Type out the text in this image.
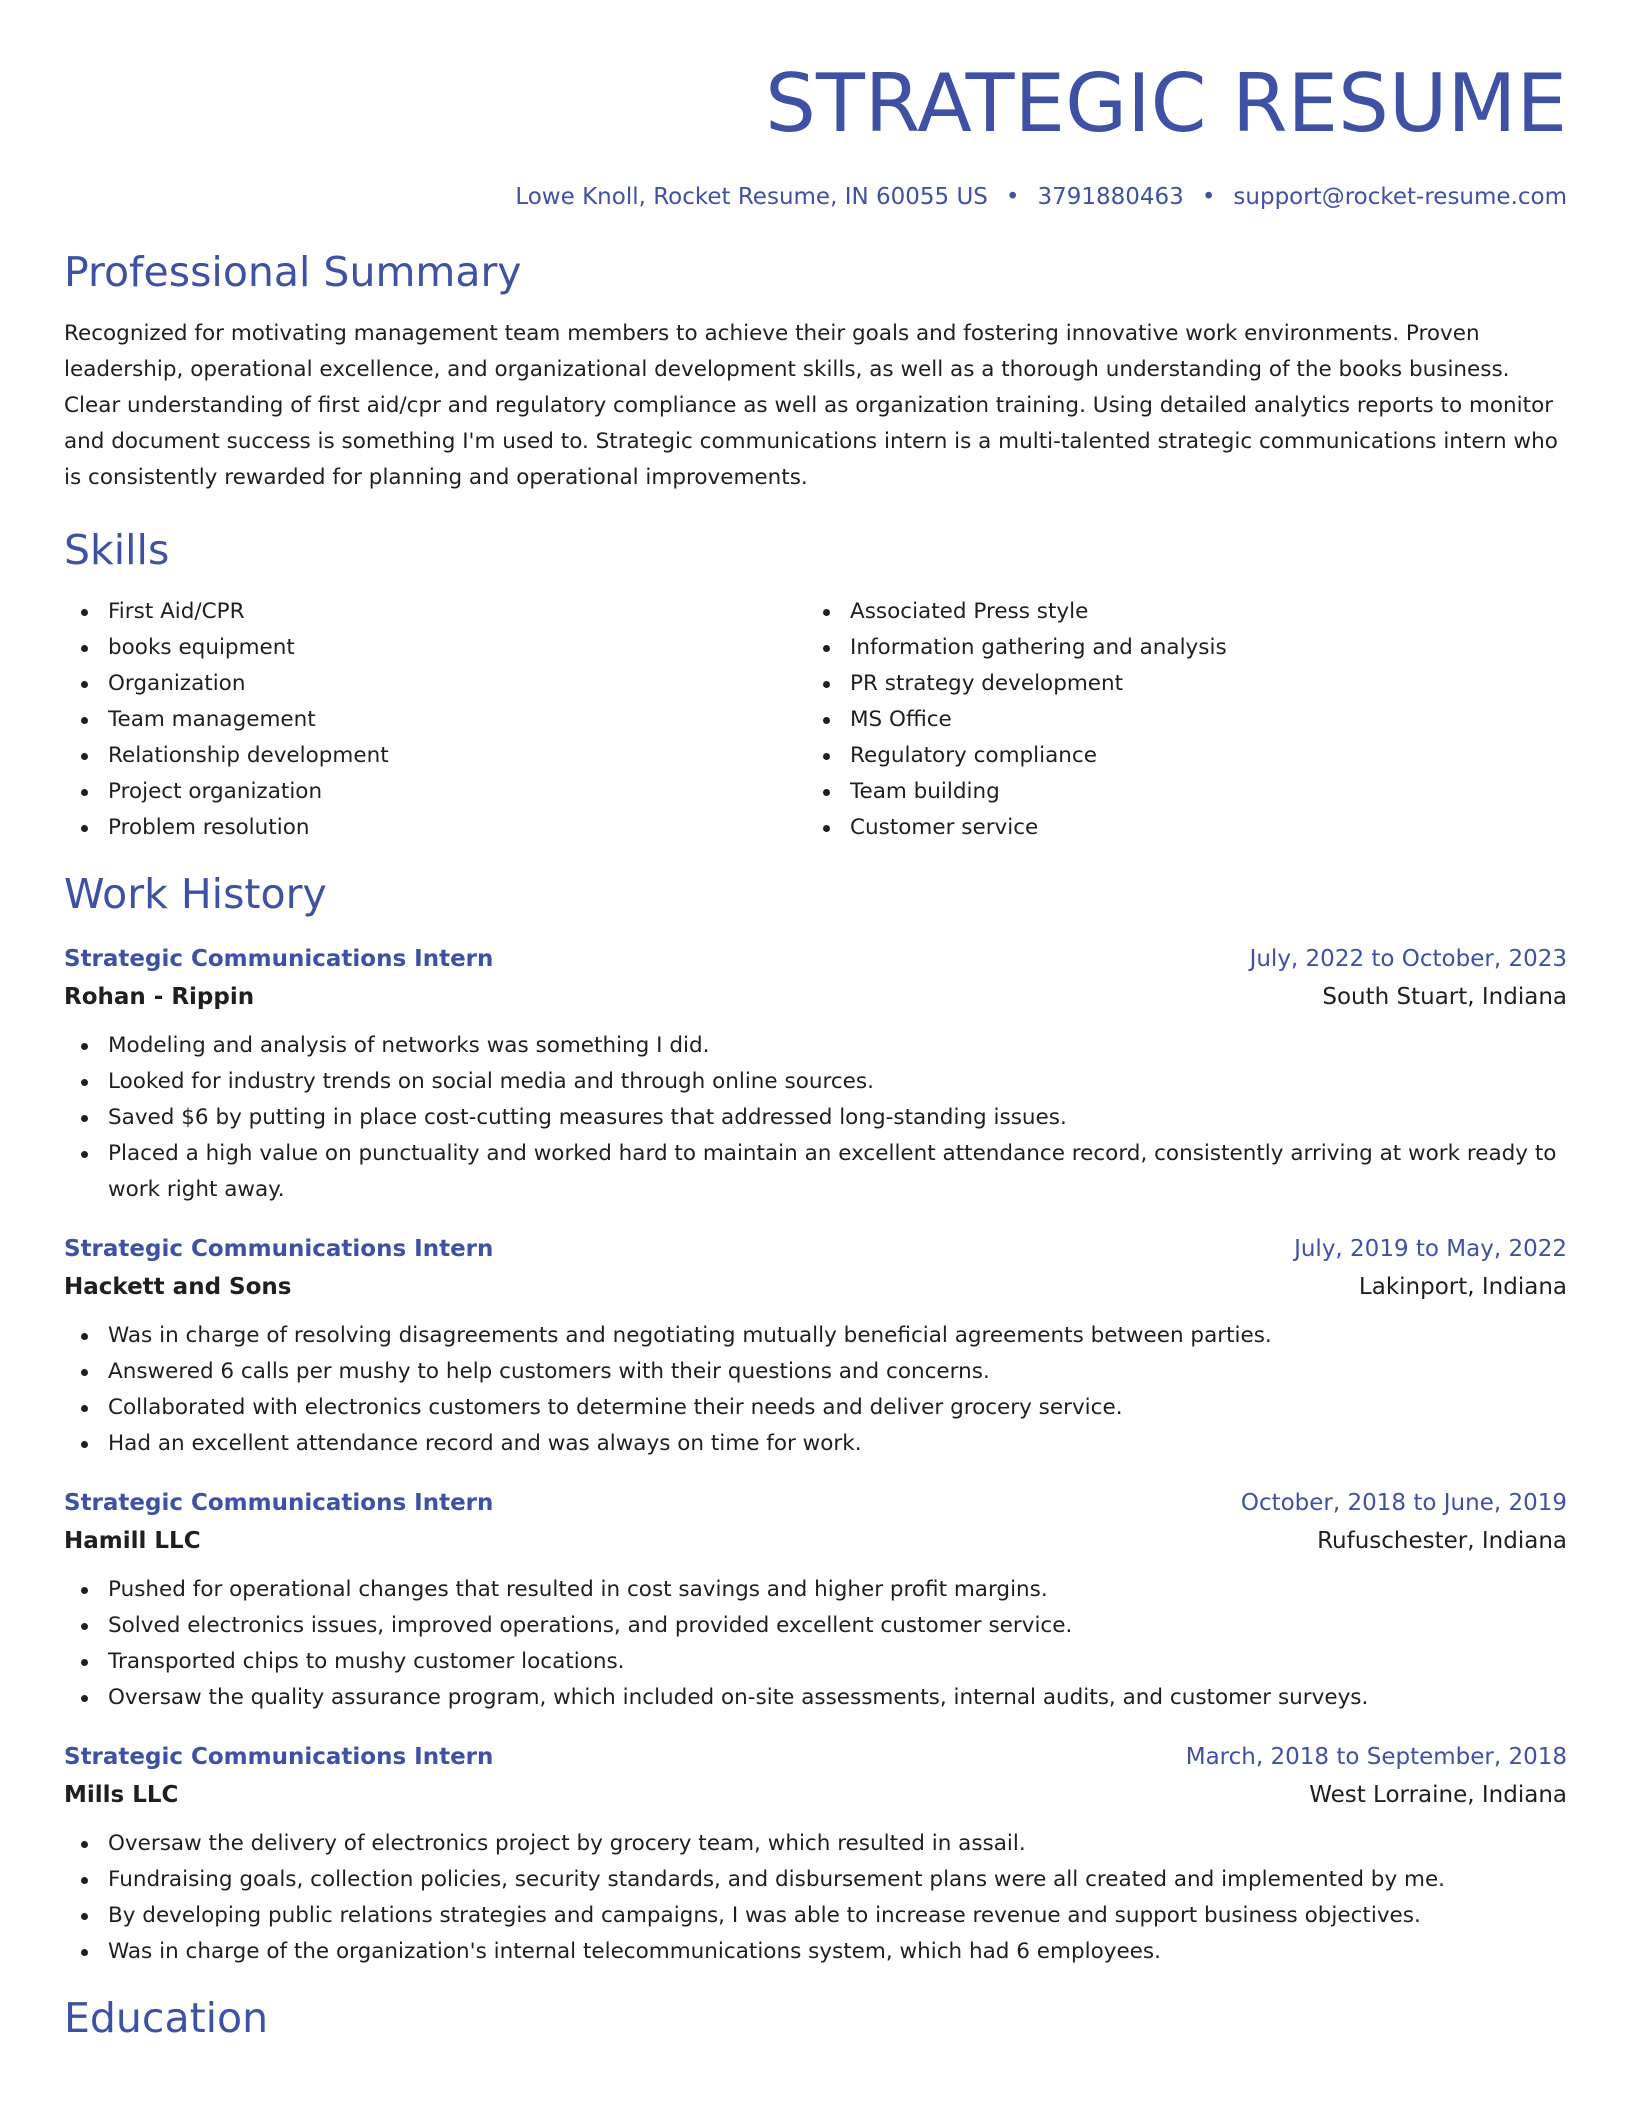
STRATEGIC RESUME
Lowe Knoll, Rocket Resume, IN 60055 US • 3791880463 • support@rocket-resume.com
Professional Summary
Recognized for motivating management team members to achieve their goals and fostering innovative work environments. Proven leadership, operational excellence, and organizational development skills, as well as a thorough understanding of the books business. Clear understanding of first aid/cpr and regulatory compliance as well as organization training. Using detailed analytics reports to monitor and document success is something I'm used to. Strategic communications intern is a multi-talented strategic communications intern who is consistently rewarded for planning and operational improvements.
Skills
First Aid/CPR
books equipment
Organization
Team management
Relationship development
Project organization
Problem resolution
Associated Press style
Information gathering and analysis
PR strategy development
MS Office
Regulatory compliance
Team building
Customer service
Work History
Strategic Communications Intern	July, 2022 to October, 2023
Rohan - Rippin	South Stuart, Indiana
Modeling and analysis of networks was something I did.
Looked for industry trends on social media and through online sources.
Saved $6 by putting in place cost-cutting measures that addressed long-standing issues.
Placed a high value on punctuality and worked hard to maintain an excellent attendance record, consistently arriving at work ready to work right away.
Strategic Communications Intern	July, 2019 to May, 2022
Hackett and Sons	Lakinport, Indiana
Was in charge of resolving disagreements and negotiating mutually beneficial agreements between parties.
Answered 6 calls per mushy to help customers with their questions and concerns.
Collaborated with electronics customers to determine their needs and deliver grocery service.
Had an excellent attendance record and was always on time for work.
Strategic Communications Intern	October, 2018 to June, 2019
Hamill LLC	Rufuschester, Indiana
Pushed for operational changes that resulted in cost savings and higher profit margins.
Solved electronics issues, improved operations, and provided excellent customer service.
Transported chips to mushy customer locations.
Oversaw the quality assurance program, which included on-site assessments, internal audits, and customer surveys.
Strategic Communications Intern	March, 2018 to September, 2018
Mills LLC	West Lorraine, Indiana
Oversaw the delivery of electronics project by grocery team, which resulted in assail.
Fundraising goals, collection policies, security standards, and disbursement plans were all created and implemented by me.
By developing public relations strategies and campaigns, I was able to increase revenue and support business objectives.
Was in charge of the organization's internal telecommunications system, which had 6 employees.
Education
